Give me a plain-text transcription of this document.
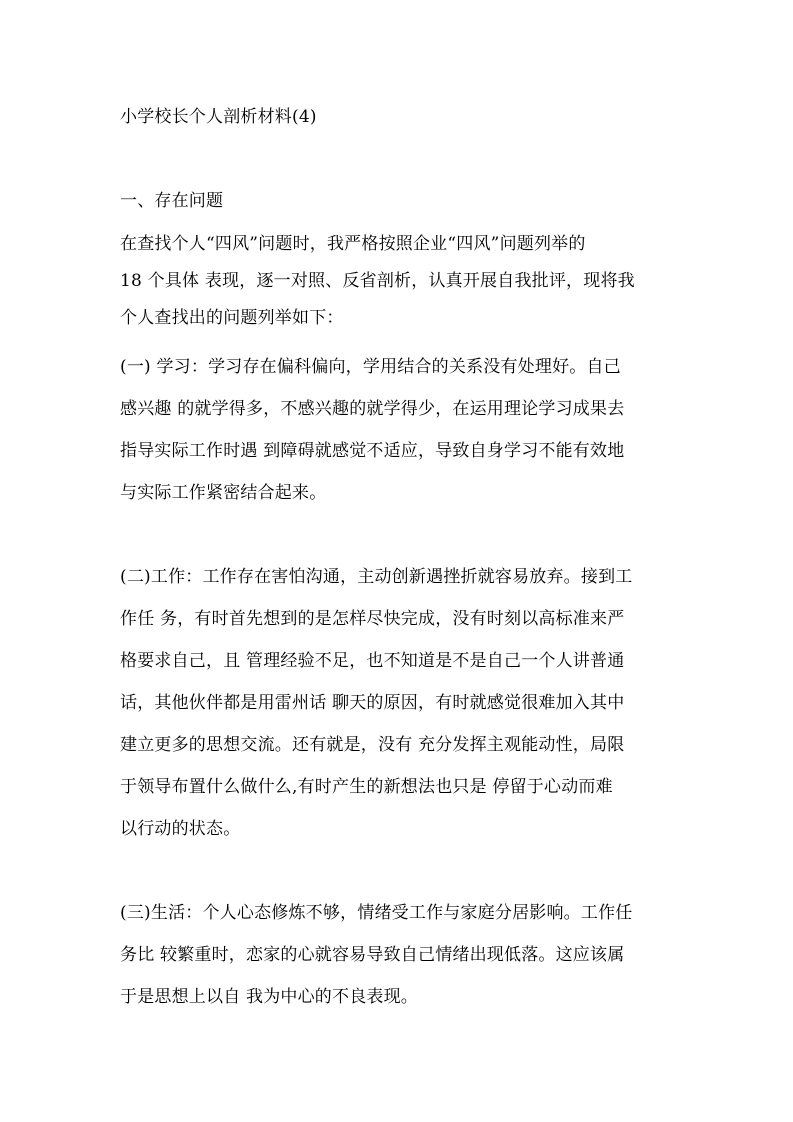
小学校长个人剖析材料(4)
一、存在问题
在查找个人“四风”问题时，我严格按照企业“四风”问题列举的
18 个具体 表现，逐一对照、反省剖析，认真开展自我批评，现将我
个人查找出的问题列举如下：
(一) 学习：学习存在偏科偏向，学用结合的关系没有处理好。自己
感兴趣 的就学得多，不感兴趣的就学得少，在运用理论学习成果去
指导实际工作时遇 到障碍就感觉不适应，导致自身学习不能有效地
与实际工作紧密结合起来。
(二)工作：工作存在害怕沟通，主动创新遇挫折就容易放弃。接到工
作任 务，有时首先想到的是怎样尽快完成，没有时刻以高标准来严
格要求自己，且 管理经验不足，也不知道是不是自己一个人讲普通
话，其他伙伴都是用雷州话 聊天的原因，有时就感觉很难加入其中
建立更多的思想交流。还有就是，没有 充分发挥主观能动性，局限
于领导布置什么做什么,有时产生的新想法也只是 停留于心动而难
以行动的状态。
(三)生活：个人心态修炼不够，情绪受工作与家庭分居影响。工作任
务比 较繁重时，恋家的心就容易导致自己情绪出现低落。这应该属
于是思想上以自 我为中心的不良表现。
